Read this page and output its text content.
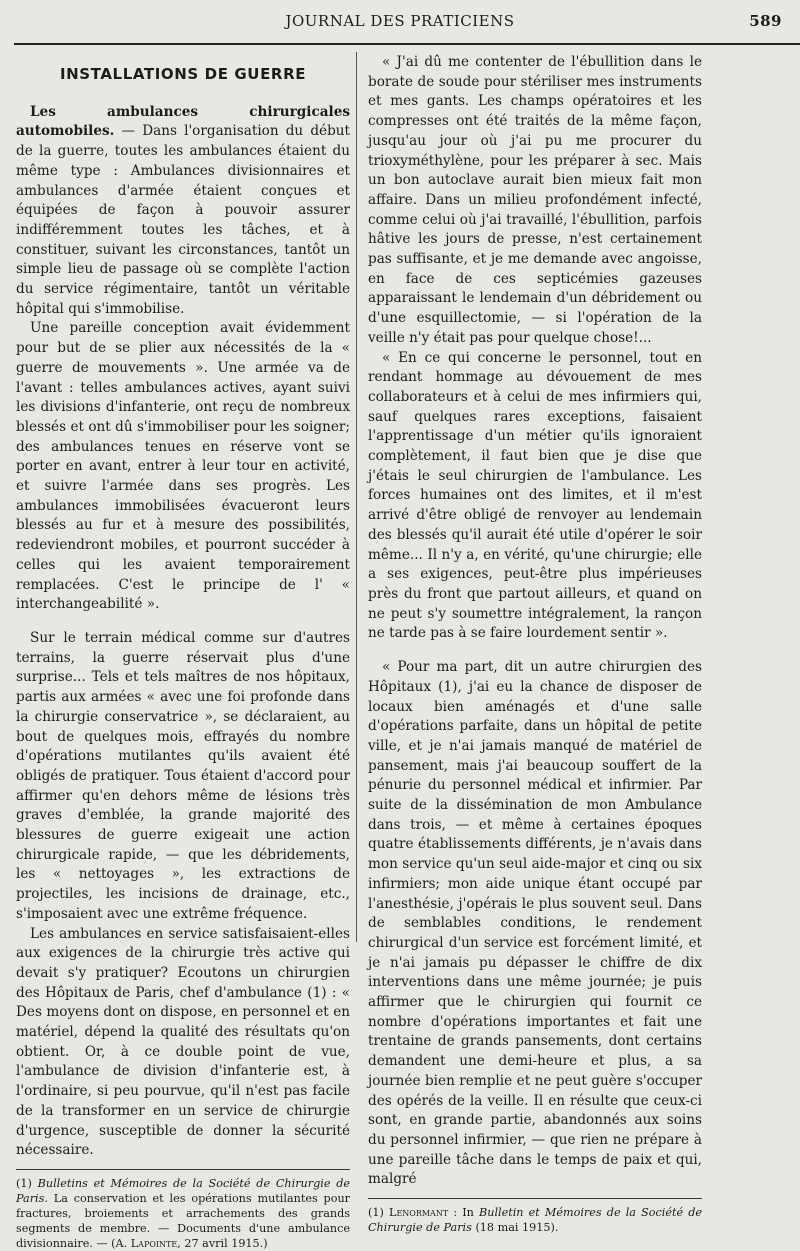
JOURNAL DES PRATICIENS	589
INSTALLATIONS DE GUERRE

Les ambulances chirurgicales automobiles. — Dans l'organisation du début de la guerre, toutes les ambulances étaient du même type : Ambulances divisionnaires et ambulances d'armée étaient conçues et équipées de façon à pouvoir assurer indifféremment toutes les tâches, et à constituer, suivant les circonstances, tantôt un simple lieu de passage où se complète l'action du service régimentaire, tantôt un véritable hôpital qui s'immobilise.

Une pareille conception avait évidemment pour but de se plier aux nécessités de la « guerre de mouvements ». Une armée va de l'avant : telles ambulances actives, ayant suivi les divisions d'infanterie, ont reçu de nombreux blessés et ont dû s'immobiliser pour les soigner; des ambulances tenues en réserve vont se porter en avant, entrer à leur tour en activité, et suivre l'armée dans ses progrès. Les ambulances immobilisées évacueront leurs blessés au fur et à mesure des possibilités, redeviendront mobiles, et pourront succéder à celles qui les avaient temporairement remplacées. C'est le principe de l' « interchangeabilité ».

Sur le terrain médical comme sur d'autres terrains, la guerre réservait plus d'une surprise... Tels et tels maîtres de nos hôpitaux, partis aux armées « avec une foi profonde dans la chirurgie conservatrice », se déclaraient, au bout de quelques mois, effrayés du nombre d'opérations mutilantes qu'ils avaient été obligés de pratiquer. Tous étaient d'accord pour affirmer qu'en dehors même de lésions très graves d'emblée, la grande majorité des blessures de guerre exigeait une action chirurgicale rapide, — que les débridements, les « nettoyages », les extractions de projectiles, les incisions de drainage, etc., s'imposaient avec une extrême fréquence.

Les ambulances en service satisfaisaient-elles aux exigences de la chirurgie très active qui devait s'y pratiquer? Ecoutons un chirurgien des Hôpitaux de Paris, chef d'ambulance (1) : « Des moyens dont on dispose, en personnel et en matériel, dépend la qualité des résultats qu'on obtient. Or, à ce double point de vue, l'ambulance de division d'infanterie est, à l'ordinaire, si peu pourvue, qu'il n'est pas facile de la transformer en un service de chirurgie d'urgence, susceptible de donner la sécurité nécessaire.

(1) Bulletins et Mémoires de la Société de Chirurgie de Paris. La conservation et les opérations mutilantes pour fractures, broiements et arrachements des grands segments de membre. — Documents d'une ambulance divisionnaire. — (A. Lapointe, 27 avril 1915.)

« J'ai dû me contenter de l'ébullition dans le borate de soude pour stériliser mes instruments et mes gants. Les champs opératoires et les compresses ont été traités de la même façon, jusqu'au jour où j'ai pu me procurer du trioxyméthylène, pour les préparer à sec. Mais un bon autoclave aurait bien mieux fait mon affaire. Dans un milieu profondément infecté, comme celui où j'ai travaillé, l'ébullition, parfois hâtive les jours de presse, n'est certainement pas suffisante, et je me demande avec angoisse, en face de ces septicémies gazeuses apparaissant le lendemain d'un débridement ou d'une esquillectomie, — si l'opération de la veille n'y était pas pour quelque chose!...

« En ce qui concerne le personnel, tout en rendant hommage au dévouement de mes collaborateurs et à celui de mes infirmiers qui, sauf quelques rares exceptions, faisaient l'apprentissage d'un métier qu'ils ignoraient complètement, il faut bien que je dise que j'étais le seul chirurgien de l'ambulance. Les forces humaines ont des limites, et il m'est arrivé d'être obligé de renvoyer au lendemain des blessés qu'il aurait été utile d'opérer le soir même... Il n'y a, en vérité, qu'une chirurgie; elle a ses exigences, peut-être plus impérieuses près du front que partout ailleurs, et quand on ne peut s'y soumettre intégralement, la rançon ne tarde pas à se faire lourdement sentir ».

« Pour ma part, dit un autre chirurgien des Hôpitaux (1), j'ai eu la chance de disposer de locaux bien aménagés et d'une salle d'opérations parfaite, dans un hôpital de petite ville, et je n'ai jamais manqué de matériel de pansement, mais j'ai beaucoup souffert de la pénurie du personnel médical et infirmier. Par suite de la dissémination de mon Ambulance dans trois, — et même à certaines époques quatre établissements différents, je n'avais dans mon service qu'un seul aide-major et cinq ou six infirmiers; mon aide unique étant occupé par l'anesthésie, j'opérais le plus souvent seul. Dans de semblables conditions, le rendement chirurgical d'un service est forcément limité, et je n'ai jamais pu dépasser le chiffre de dix interventions dans une même journée; je puis affirmer que le chirurgien qui fournit ce nombre d'opérations importantes et fait une trentaine de grands pansements, dont certains demandent une demi-heure et plus, a sa journée bien remplie et ne peut guère s'occuper des opérés de la veille. Il en résulte que ceux-ci sont, en grande partie, abandonnés aux soins du personnel infirmier, — que rien ne prépare à une pareille tâche dans le temps de paix et qui, malgré

(1) Lenormant : In Bulletin et Mémoires de la Société de Chirurgie de Paris (18 mai 1915).
